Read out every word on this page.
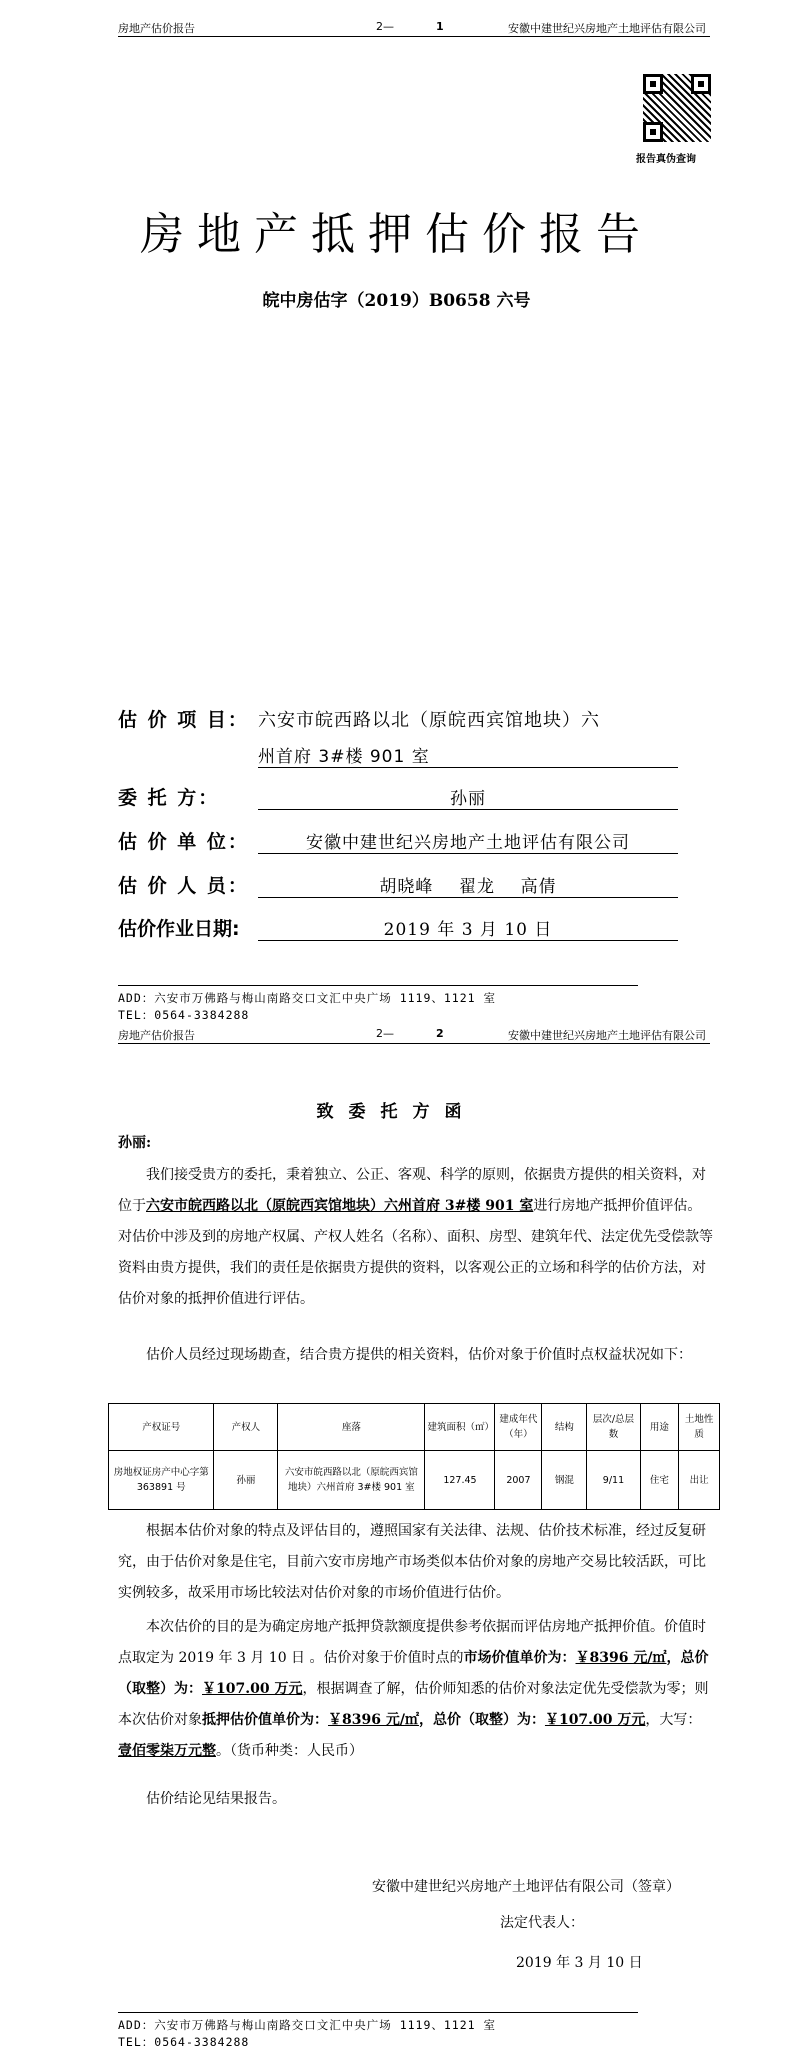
房地产估价报告	2—	1	安徽中建世纪兴房地产土地评估有限公司
报告真伪查询
房地产抵押估价报告
皖中房估字（2019）B0658 六号
估 价 项 目： 六安市皖西路以北（原皖西宾馆地块）六
州首府 3#楼 901 室
委 托 方：	孙丽
估 价 单 位：	安徽中建世纪兴房地产土地评估有限公司
估 价 人 员：	胡晓峰    翟龙    高倩
估价作业日期:	2019 年 3 月 10 日
ADD：六安市万佛路与梅山南路交口文汇中央广场 1119、1121 室
TEL：0564-3384288
房地产估价报告	2—	2	安徽中建世纪兴房地产土地评估有限公司
致委托方函
孙丽:
我们接受贵方的委托，秉着独立、公正、客观、科学的原则，依据贵方提供的相关资料，对位于六安市皖西路以北（原皖西宾馆地块）六州首府 3#楼 901 室进行房地产抵押价值评估。对估价中涉及到的房地产权属、产权人姓名（名称）、面积、房型、建筑年代、法定优先受偿款等资料由贵方提供，我们的责任是依据贵方提供的资料，以客观公正的立场和科学的估价方法，对估价对象的抵押价值进行评估。
估价人员经过现场勘查，结合贵方提供的相关资料，估价对象于价值时点权益状况如下：
产权证号	产权人	座落	建筑面积（㎡）	建成年代（年）	结构	层次/总层数	用途	土地性质
房地权证房产中心字第 363891 号	孙丽	六安市皖西路以北（原皖西宾馆地块）六州首府 3#楼 901 室	127.45	2007	钢混	9/11	住宅	出让
根据本估价对象的特点及评估目的，遵照国家有关法律、法规、估价技术标准，经过反复研究，由于估价对象是住宅，目前六安市房地产市场类似本估价对象的房地产交易比较活跃，可比实例较多，故采用市场比较法对估价对象的市场价值进行估价。
本次估价的目的是为确定房地产抵押贷款额度提供参考依据而评估房地产抵押价值。价值时点取定为 2019 年 3 月 10 日 。估价对象于价值时点的市场价值单价为：￥8396 元/㎡，总价（取整）为：￥107.00 万元，根据调查了解，估价师知悉的估价对象法定优先受偿款为零；则本次估价对象抵押估价值单价为：￥8396 元/㎡，总价（取整）为：￥107.00 万元，大写：壹佰零柒万元整。（货币种类：人民币）
估价结论见结果报告。
安徽中建世纪兴房地产土地评估有限公司（签章）
法定代表人：
2019 年 3 月 10 日
ADD：六安市万佛路与梅山南路交口文汇中央广场 1119、1121 室
TEL：0564-3384288
